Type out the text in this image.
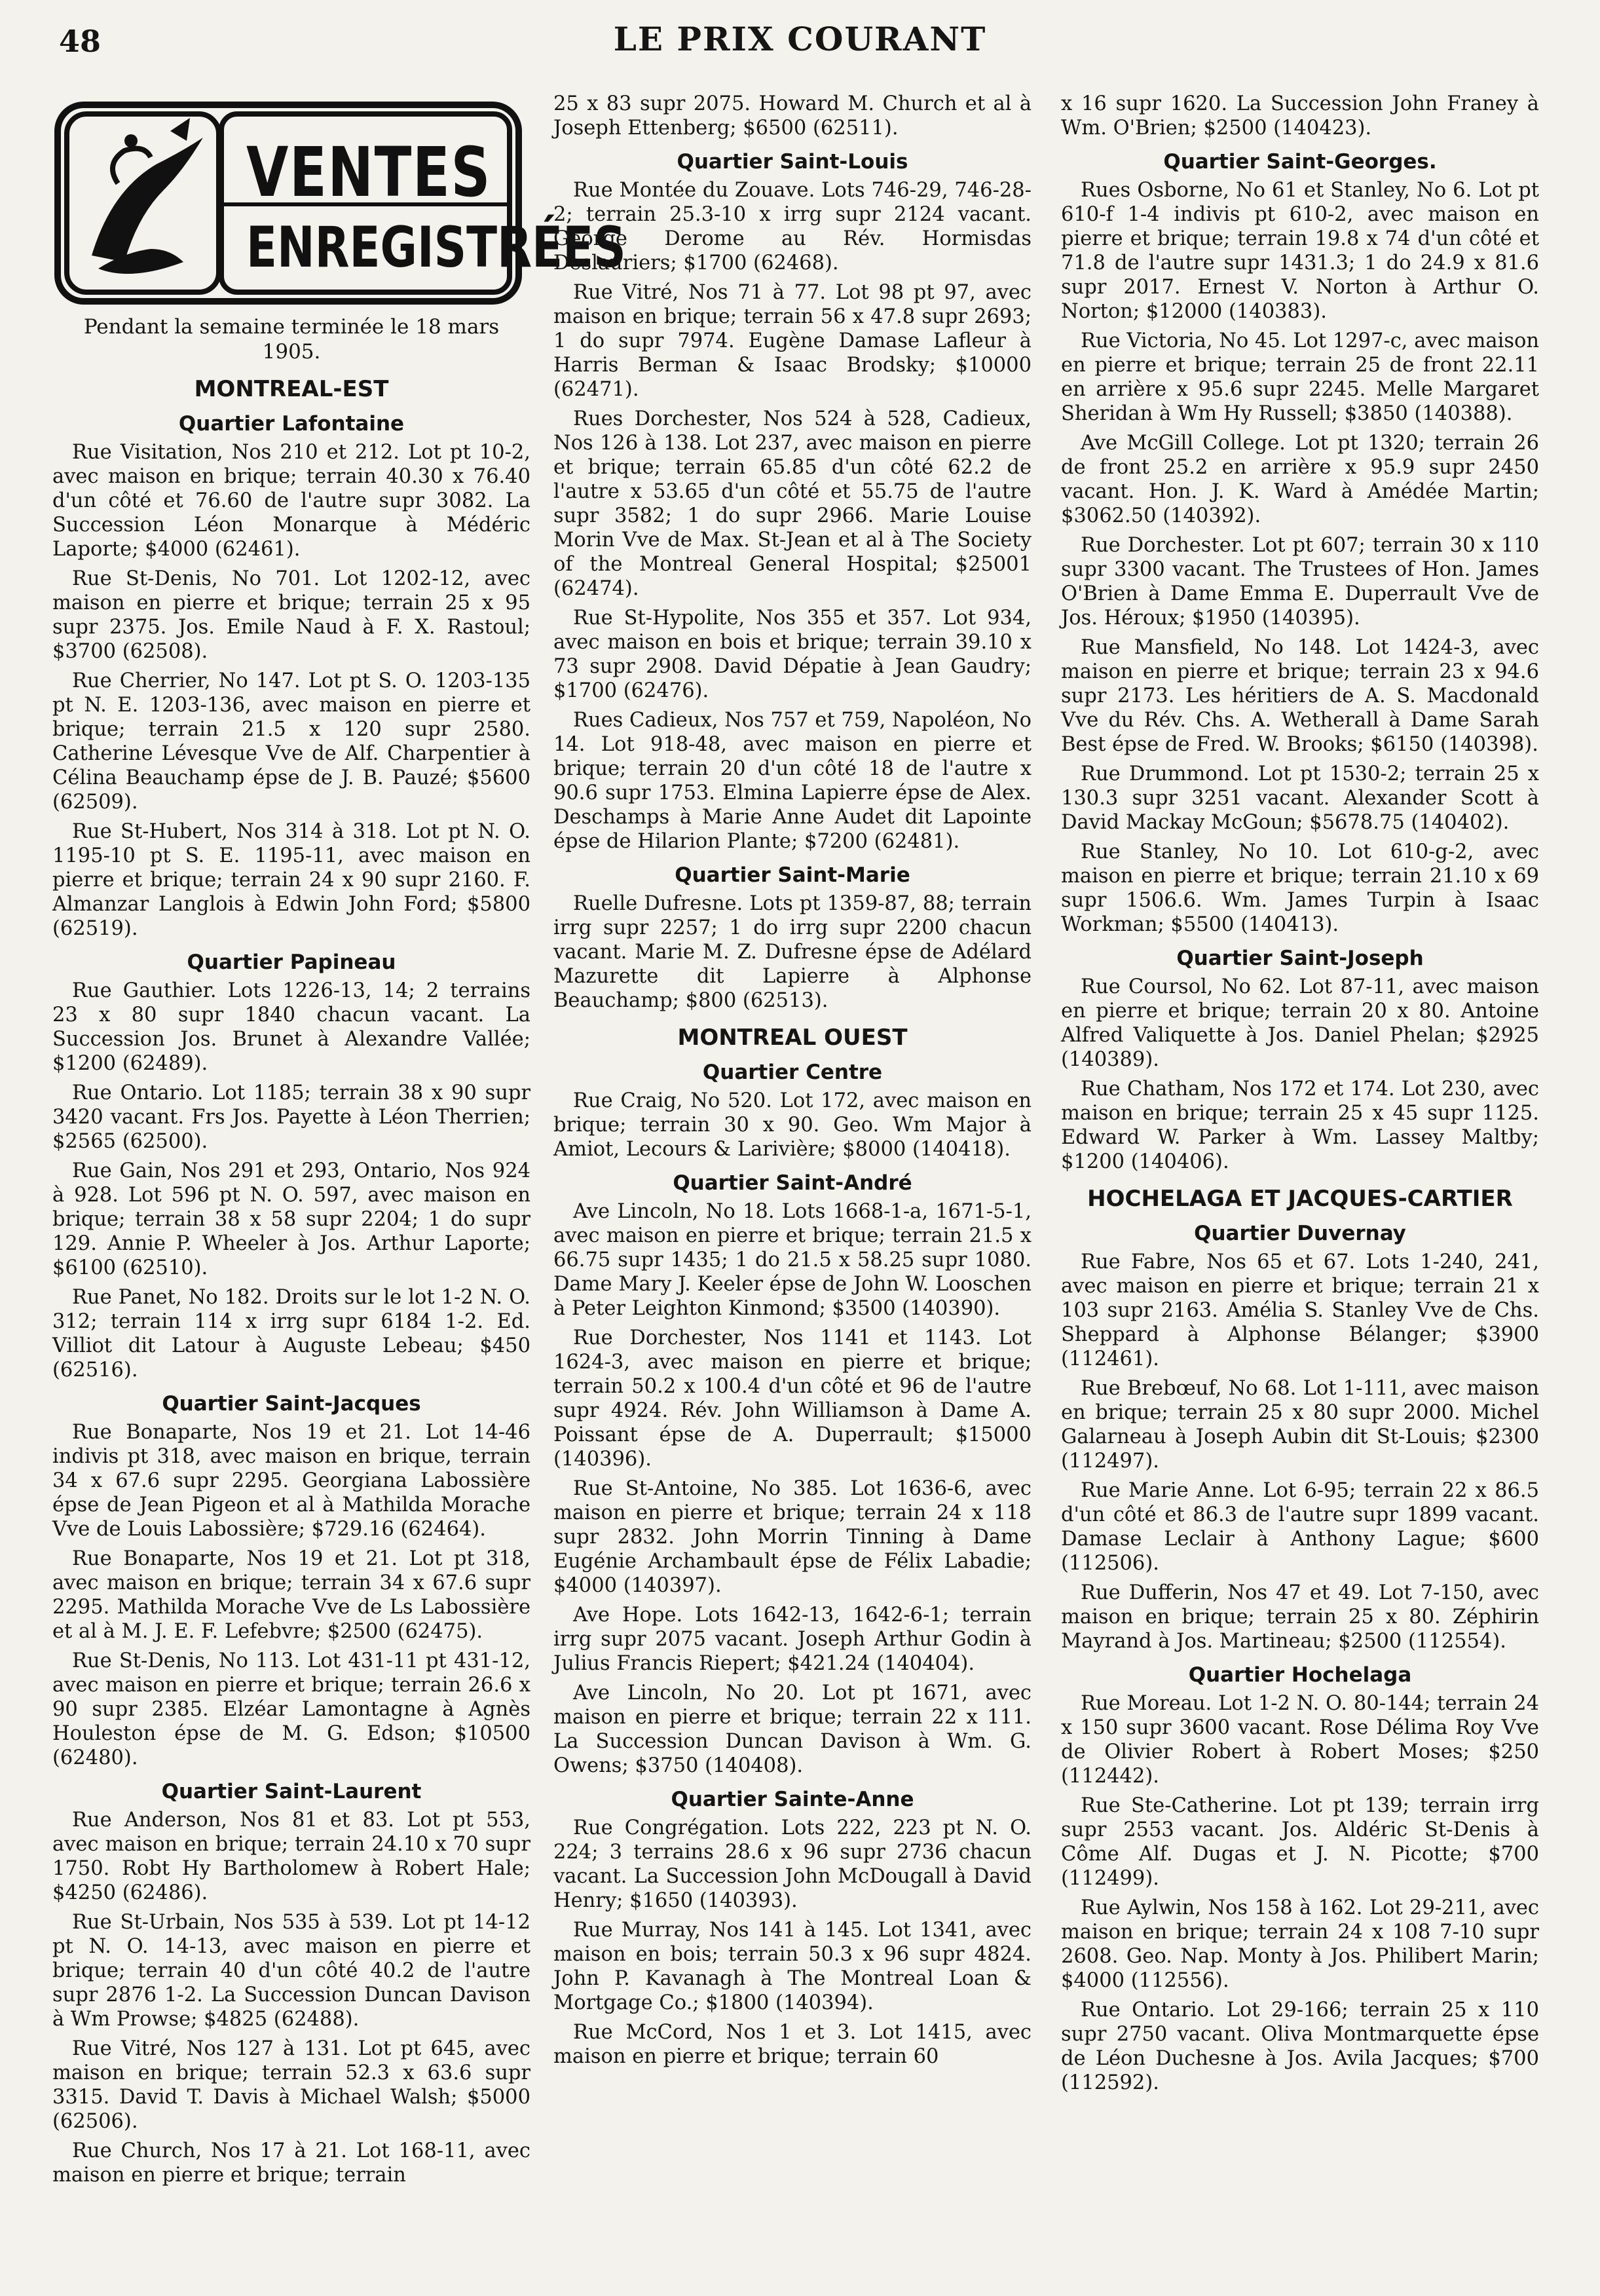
48	LE PRIX COURANT
VENTES
ENREGISTRÉES
Pendant la semaine terminée le 18 mars 1905.
MONTREAL-EST
Quartier Lafontaine

Rue Visitation, Nos 210 et 212. Lot pt 10-2, avec maison en brique; terrain 40.30 x 76.40 d'un côté et 76.60 de l'autre supr 3082. La Succession Léon Monarque à Médéric Laporte; $4000 (62461).

Rue St-Denis, No 701. Lot 1202-12, avec maison en pierre et brique; terrain 25 x 95 supr 2375. Jos. Emile Naud à F. X. Rastoul; $3700 (62508).

Rue Cherrier, No 147. Lot pt S. O. 1203-135 pt N. E. 1203-136, avec maison en pierre et brique; terrain 21.5 x 120 supr 2580. Catherine Lévesque Vve de Alf. Charpentier à Célina Beauchamp épse de J. B. Pauzé; $5600 (62509).

Rue St-Hubert, Nos 314 à 318. Lot pt N. O. 1195-10 pt S. E. 1195-11, avec maison en pierre et brique; terrain 24 x 90 supr 2160. F. Almanzar Langlois à Edwin John Ford; $5800 (62519).

Quartier Papineau

Rue Gauthier. Lots 1226-13, 14; 2 terrains 23 x 80 supr 1840 chacun vacant. La Succession Jos. Brunet à Alexandre Vallée; $1200 (62489).

Rue Ontario. Lot 1185; terrain 38 x 90 supr 3420 vacant. Frs Jos. Payette à Léon Therrien; $2565 (62500).

Rue Gain, Nos 291 et 293, Ontario, Nos 924 à 928. Lot 596 pt N. O. 597, avec maison en brique; terrain 38 x 58 supr 2204; 1 do supr 129. Annie P. Wheeler à Jos. Arthur Laporte; $6100 (62510).

Rue Panet, No 182. Droits sur le lot 1-2 N. O. 312; terrain 114 x irrg supr 6184 1-2. Ed. Villiot dit Latour à Auguste Lebeau; $450 (62516).

Quartier Saint-Jacques

Rue Bonaparte, Nos 19 et 21. Lot 14-46 indivis pt 318, avec maison en brique, terrain 34 x 67.6 supr 2295. Georgiana Labossière épse de Jean Pigeon et al à Mathilda Morache Vve de Louis Labossière; $729.16 (62464).

Rue Bonaparte, Nos 19 et 21. Lot pt 318, avec maison en brique; terrain 34 x 67.6 supr 2295. Mathilda Morache Vve de Ls Labossière et al à M. J. E. F. Lefebvre; $2500 (62475).

Rue St-Denis, No 113. Lot 431-11 pt 431-12, avec maison en pierre et brique; terrain 26.6 x 90 supr 2385. Elzéar Lamontagne à Agnès Houleston épse de M. G. Edson; $10500 (62480).

Quartier Saint-Laurent

Rue Anderson, Nos 81 et 83. Lot pt 553, avec maison en brique; terrain 24.10 x 70 supr 1750. Robt Hy Bartholomew à Robert Hale; $4250 (62486).

Rue St-Urbain, Nos 535 à 539. Lot pt 14-12 pt N. O. 14-13, avec maison en pierre et brique; terrain 40 d'un côté 40.2 de l'autre supr 2876 1-2. La Succession Duncan Davison à Wm Prowse; $4825 (62488).

Rue Vitré, Nos 127 à 131. Lot pt 645, avec maison en brique; terrain 52.3 x 63.6 supr 3315. David T. Davis à Michael Walsh; $5000 (62506).

Rue Church, Nos 17 à 21. Lot 168-11, avec maison en pierre et brique; terrain

25 x 83 supr 2075. Howard M. Church et al à Joseph Ettenberg; $6500 (62511).

Quartier Saint-Louis

Rue Montée du Zouave. Lots 746-29, 746-28-2; terrain 25.3-10 x irrg supr 2124 vacant. George Derome au Rév. Hormisdas Deslauriers; $1700 (62468).

Rue Vitré, Nos 71 à 77. Lot 98 pt 97, avec maison en brique; terrain 56 x 47.8 supr 2693; 1 do supr 7974. Eugène Damase Lafleur à Harris Berman & Isaac Brodsky; $10000 (62471).

Rues Dorchester, Nos 524 à 528, Cadieux, Nos 126 à 138. Lot 237, avec maison en pierre et brique; terrain 65.85 d'un côté 62.2 de l'autre x 53.65 d'un côté et 55.75 de l'autre supr 3582; 1 do supr 2966. Marie Louise Morin Vve de Max. St-Jean et al à The Society of the Montreal General Hospital; $25001 (62474).

Rue St-Hypolite, Nos 355 et 357. Lot 934, avec maison en bois et brique; terrain 39.10 x 73 supr 2908. David Dépatie à Jean Gaudry; $1700 (62476).

Rues Cadieux, Nos 757 et 759, Napoléon, No 14. Lot 918-48, avec maison en pierre et brique; terrain 20 d'un côté 18 de l'autre x 90.6 supr 1753. Elmina Lapierre épse de Alex. Deschamps à Marie Anne Audet dit Lapointe épse de Hilarion Plante; $7200 (62481).

Quartier Saint-Marie

Ruelle Dufresne. Lots pt 1359-87, 88; terrain irrg supr 2257; 1 do irrg supr 2200 chacun vacant. Marie M. Z. Dufresne épse de Adélard Mazurette dit Lapierre à Alphonse Beauchamp; $800 (62513).

MONTREAL OUEST
Quartier Centre

Rue Craig, No 520. Lot 172, avec maison en brique; terrain 30 x 90. Geo. Wm Major à Amiot, Lecours & Larivière; $8000 (140418).

Quartier Saint-André

Ave Lincoln, No 18. Lots 1668-1-a, 1671-5-1, avec maison en pierre et brique; terrain 21.5 x 66.75 supr 1435; 1 do 21.5 x 58.25 supr 1080. Dame Mary J. Keeler épse de John W. Looschen à Peter Leighton Kinmond; $3500 (140390).

Rue Dorchester, Nos 1141 et 1143. Lot 1624-3, avec maison en pierre et brique; terrain 50.2 x 100.4 d'un côté et 96 de l'autre supr 4924. Rév. John Williamson à Dame A. Poissant épse de A. Duperrault; $15000 (140396).

Rue St-Antoine, No 385. Lot 1636-6, avec maison en pierre et brique; terrain 24 x 118 supr 2832. John Morrin Tinning à Dame Eugénie Archambault épse de Félix Labadie; $4000 (140397).

Ave Hope. Lots 1642-13, 1642-6-1; terrain irrg supr 2075 vacant. Joseph Arthur Godin à Julius Francis Riepert; $421.24 (140404).

Ave Lincoln, No 20. Lot pt 1671, avec maison en pierre et brique; terrain 22 x 111. La Succession Duncan Davison à Wm. G. Owens; $3750 (140408).

Quartier Sainte-Anne

Rue Congrégation. Lots 222, 223 pt N. O. 224; 3 terrains 28.6 x 96 supr 2736 chacun vacant. La Succession John McDougall à David Henry; $1650 (140393).

Rue Murray, Nos 141 à 145. Lot 1341, avec maison en bois; terrain 50.3 x 96 supr 4824. John P. Kavanagh à The Montreal Loan & Mortgage Co.; $1800 (140394).

Rue McCord, Nos 1 et 3. Lot 1415, avec maison en pierre et brique; terrain 60

x 16 supr 1620. La Succession John Franey à Wm. O'Brien; $2500 (140423).

Quartier Saint-Georges.

Rues Osborne, No 61 et Stanley, No 6. Lot pt 610-f 1-4 indivis pt 610-2, avec maison en pierre et brique; terrain 19.8 x 74 d'un côté et 71.8 de l'autre supr 1431.3; 1 do 24.9 x 81.6 supr 2017. Ernest V. Norton à Arthur O. Norton; $12000 (140383).

Rue Victoria, No 45. Lot 1297-c, avec maison en pierre et brique; terrain 25 de front 22.11 en arrière x 95.6 supr 2245. Melle Margaret Sheridan à Wm Hy Russell; $3850 (140388).

Ave McGill College. Lot pt 1320; terrain 26 de front 25.2 en arrière x 95.9 supr 2450 vacant. Hon. J. K. Ward à Amédée Martin; $3062.50 (140392).

Rue Dorchester. Lot pt 607; terrain 30 x 110 supr 3300 vacant. The Trustees of Hon. James O'Brien à Dame Emma E. Duperrault Vve de Jos. Héroux; $1950 (140395).

Rue Mansfield, No 148. Lot 1424-3, avec maison en pierre et brique; terrain 23 x 94.6 supr 2173. Les héritiers de A. S. Macdonald Vve du Rév. Chs. A. Wetherall à Dame Sarah Best épse de Fred. W. Brooks; $6150 (140398).

Rue Drummond. Lot pt 1530-2; terrain 25 x 130.3 supr 3251 vacant. Alexander Scott à David Mackay McGoun; $5678.75 (140402).

Rue Stanley, No 10. Lot 610-g-2, avec maison en pierre et brique; terrain 21.10 x 69 supr 1506.6. Wm. James Turpin à Isaac Workman; $5500 (140413).

Quartier Saint-Joseph

Rue Coursol, No 62. Lot 87-11, avec maison en pierre et brique; terrain 20 x 80. Antoine Alfred Valiquette à Jos. Daniel Phelan; $2925 (140389).

Rue Chatham, Nos 172 et 174. Lot 230, avec maison en brique; terrain 25 x 45 supr 1125. Edward W. Parker à Wm. Lassey Maltby; $1200 (140406).

HOCHELAGA ET JACQUES-CARTIER
Quartier Duvernay

Rue Fabre, Nos 65 et 67. Lots 1-240, 241, avec maison en pierre et brique; terrain 21 x 103 supr 2163. Amélia S. Stanley Vve de Chs. Sheppard à Alphonse Bélanger; $3900 (112461).

Rue Brebœuf, No 68. Lot 1-111, avec maison en brique; terrain 25 x 80 supr 2000. Michel Galarneau à Joseph Aubin dit St-Louis; $2300 (112497).

Rue Marie Anne. Lot 6-95; terrain 22 x 86.5 d'un côté et 86.3 de l'autre supr 1899 vacant. Damase Leclair à Anthony Lague; $600 (112506).

Rue Dufferin, Nos 47 et 49. Lot 7-150, avec maison en brique; terrain 25 x 80. Zéphirin Mayrand à Jos. Martineau; $2500 (112554).

Quartier Hochelaga

Rue Moreau. Lot 1-2 N. O. 80-144; terrain 24 x 150 supr 3600 vacant. Rose Délima Roy Vve de Olivier Robert à Robert Moses; $250 (112442).

Rue Ste-Catherine. Lot pt 139; terrain irrg supr 2553 vacant. Jos. Aldéric St-Denis à Côme Alf. Dugas et J. N. Picotte; $700 (112499).

Rue Aylwin, Nos 158 à 162. Lot 29-211, avec maison en brique; terrain 24 x 108 7-10 supr 2608. Geo. Nap. Monty à Jos. Philibert Marin; $4000 (112556).

Rue Ontario. Lot 29-166; terrain 25 x 110 supr 2750 vacant. Oliva Montmarquette épse de Léon Duchesne à Jos. Avila Jacques; $700 (112592).
